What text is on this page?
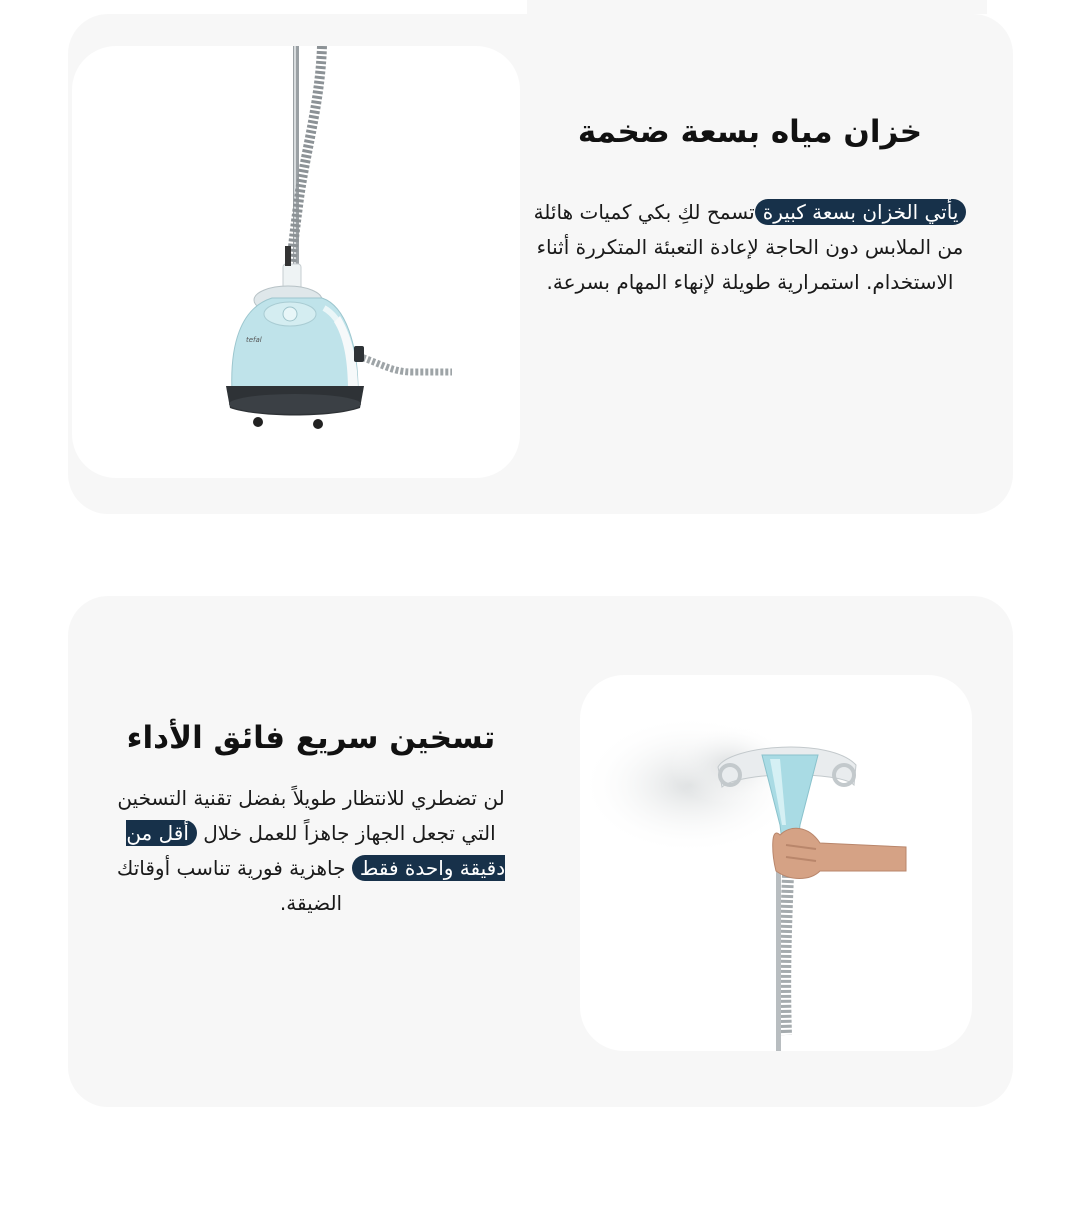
tefal
خزان مياه بسعة ضخمة

يأتي الخزان بسعة كبيرةتسمح لكِ بكي كميات هائلة من الملابس دون الحاجة لإعادة التعبئة المتكررة أثناء الاستخدام. استمرارية طويلة لإنهاء المهام بسرعة.

تسخين سريع فائق الأداء

لن تضطري للانتظار طويلاً بفضل تقنية التسخين التي تجعل الجهاز جاهزاً للعمل خلال أقل من دقيقة واحدة فقط جاهزية فورية تناسب أوقاتك الضيقة.
